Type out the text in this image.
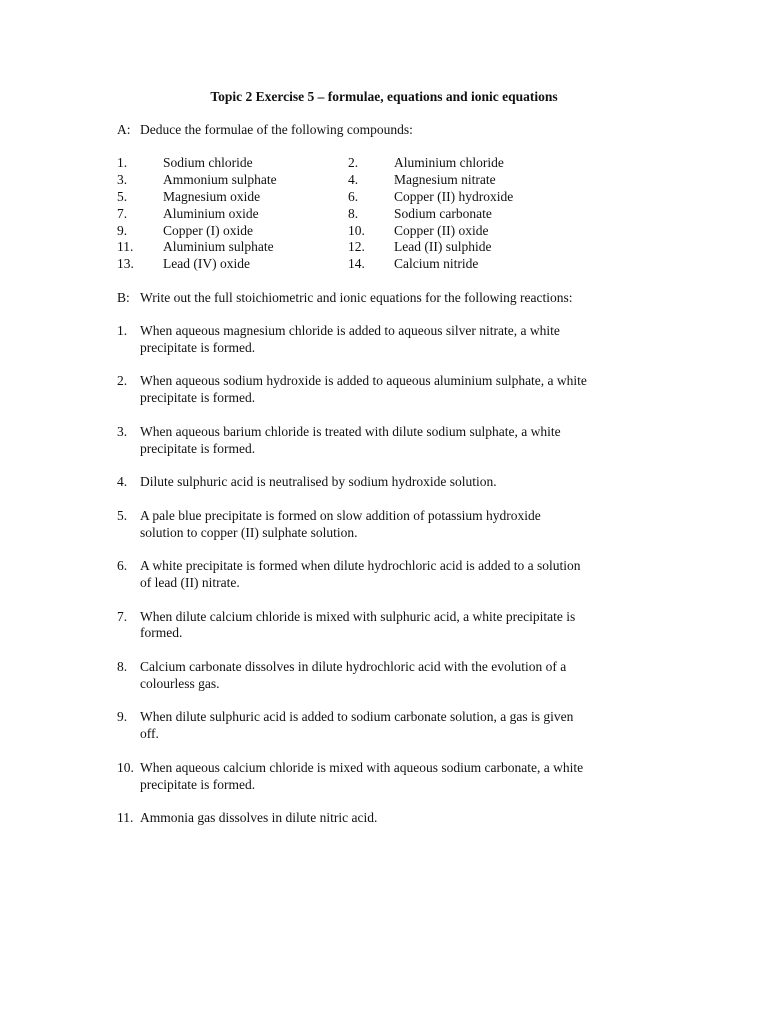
Topic 2 Exercise 5 – formulae, equations and ionic equations
A: Deduce the formulae of the following compounds:
1.	Sodium chloride	2.	Aluminium chloride
3.	Ammonium sulphate	4.	Magnesium nitrate
5.	Magnesium oxide	6.	Copper (II) hydroxide
7.	Aluminium oxide	8.	Sodium carbonate
9.	Copper (I) oxide	10. Copper (II) oxide
11. Aluminium sulphate	12. Lead (II) sulphide
13. Lead (IV) oxide	14. Calcium nitride
B: Write out the full stoichiometric and ionic equations for the following reactions:
1. When aqueous magnesium chloride is added to aqueous silver nitrate, a white
precipitate is formed.
2. When aqueous sodium hydroxide is added to aqueous aluminium sulphate, a white
precipitate is formed.
3. When aqueous barium chloride is treated with dilute sodium sulphate, a white
precipitate is formed.
4. Dilute sulphuric acid is neutralised by sodium hydroxide solution.
5. A pale blue precipitate is formed on slow addition of potassium hydroxide
solution to copper (II) sulphate solution.
6. A white precipitate is formed when dilute hydrochloric acid is added to a solution
of lead (II) nitrate.
7. When dilute calcium chloride is mixed with sulphuric acid, a white precipitate is
formed.
8. Calcium carbonate dissolves in dilute hydrochloric acid with the evolution of a
colourless gas.
9. When dilute sulphuric acid is added to sodium carbonate solution, a gas is given
off.
10. When aqueous calcium chloride is mixed with aqueous sodium carbonate, a white
precipitate is formed.
11. Ammonia gas dissolves in dilute nitric acid.
